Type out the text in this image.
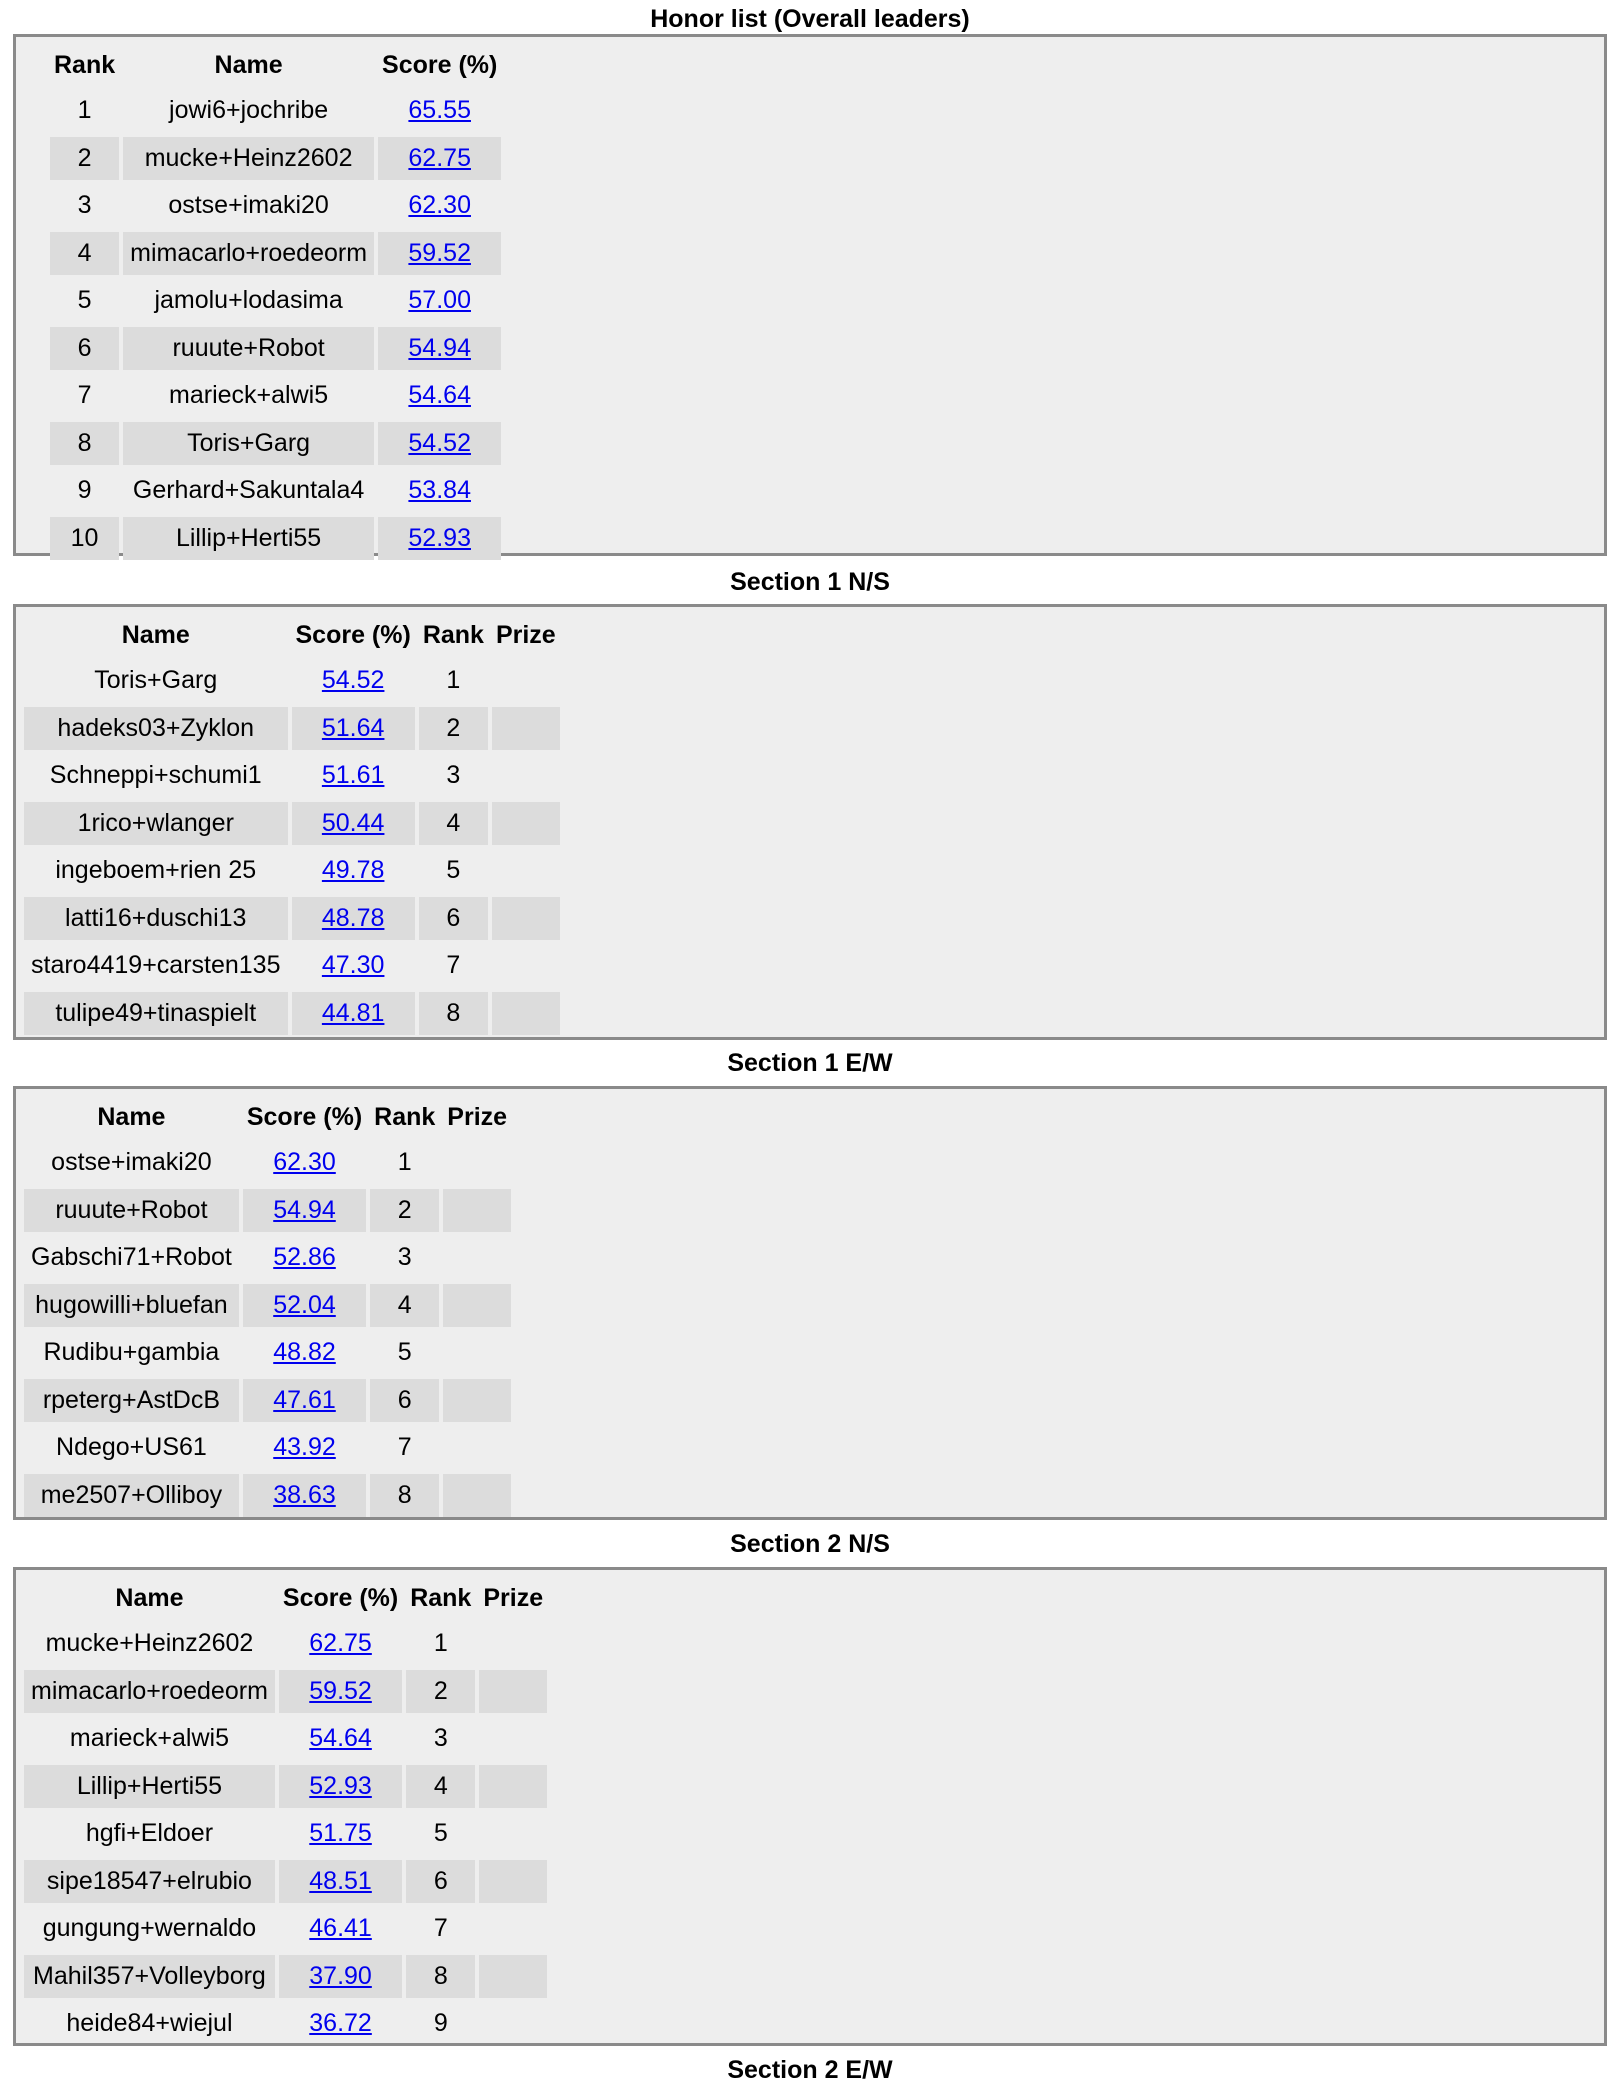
Honor list (Overall leaders)
Rank	Name	Score (%)
1	jowi6+jochribe	65.55
2	mucke+Heinz2602	62.75
3	ostse+imaki20	62.30
4	mimacarlo+roedeorm	59.52
5	jamolu+lodasima	57.00
6	ruuute+Robot	54.94
7	marieck+alwi5	54.64
8	Toris+Garg	54.52
9	Gerhard+Sakuntala4	53.84
10	Lillip+Herti55	52.93
Section 1 N/S
Name	Score (%)	Rank	Prize
Toris+Garg	54.52	1	
hadeks03+Zyklon	51.64	2	
Schneppi+schumi1	51.61	3	
1rico+wlanger	50.44	4	
ingeboem+rien 25	49.78	5	
latti16+duschi13	48.78	6	
staro4419+carsten135	47.30	7	
tulipe49+tinaspielt	44.81	8	
Section 1 E/W
Name	Score (%)	Rank	Prize
ostse+imaki20	62.30	1	
ruuute+Robot	54.94	2	
Gabschi71+Robot	52.86	3	
hugowilli+bluefan	52.04	4	
Rudibu+gambia	48.82	5	
rpeterg+AstDcB	47.61	6	
Ndego+US61	43.92	7	
me2507+Olliboy	38.63	8	
Section 2 N/S
Name	Score (%)	Rank	Prize
mucke+Heinz2602	62.75	1	
mimacarlo+roedeorm	59.52	2	
marieck+alwi5	54.64	3	
Lillip+Herti55	52.93	4	
hgfi+Eldoer	51.75	5	
sipe18547+elrubio	48.51	6	
gungung+wernaldo	46.41	7	
Mahil357+Volleyborg	37.90	8	
heide84+wiejul	36.72	9	
Section 2 E/W
